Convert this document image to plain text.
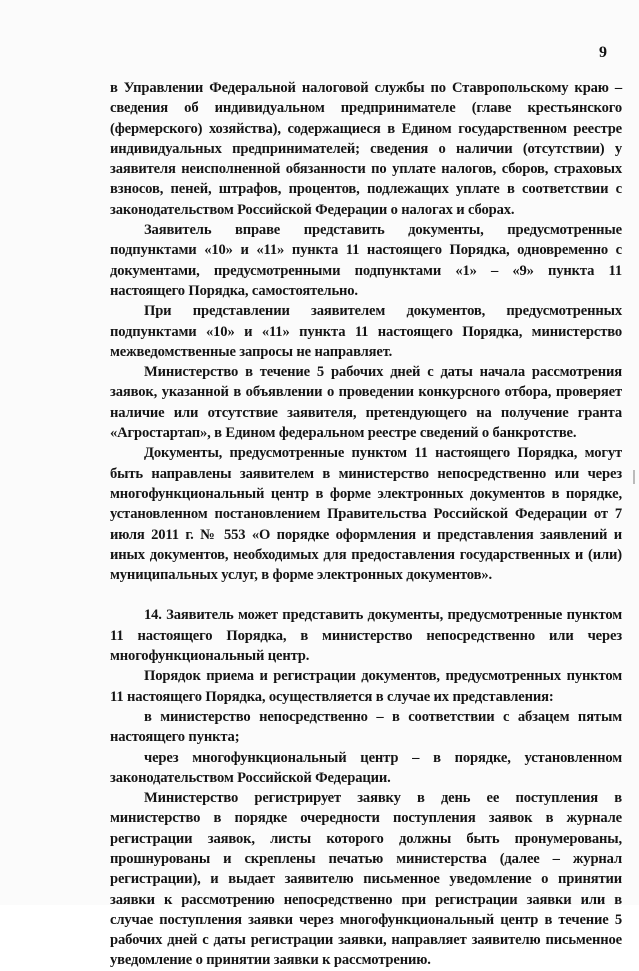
9

в Управлении Федеральной налоговой службы по Ставропольскому краю – сведения об индивидуальном предпринимателе (главе крестьянского (фермерского) хозяйства), содержащиеся в Едином государственном реестре индивидуальных предпринимателей; сведения о наличии (отсутствии) у заявителя неисполненной обязанности по уплате налогов, сборов, страховых взносов, пеней, штрафов, процентов, подлежащих уплате в соответствии с законодательством Российской Федерации о налогах и сборах.

Заявитель вправе представить документы, предусмотренные подпунктами «10» и «11» пункта 11 настоящего Порядка, одновременно с документами, предусмотренными подпунктами «1» – «9» пункта 11 настоящего Порядка, самостоятельно.

При представлении заявителем документов, предусмотренных подпунктами «10» и «11» пункта 11 настоящего Порядка, министерство межведомственные запросы не направляет.

Министерство в течение 5 рабочих дней с даты начала рассмотрения заявок, указанной в объявлении о проведении конкурсного отбора, проверяет наличие или отсутствие заявителя, претендующего на получение гранта «Агростартап», в Едином федеральном реестре сведений о банкротстве.

Документы, предусмотренные пунктом 11 настоящего Порядка, могут быть направлены заявителем в министерство непосредственно или через многофункциональный центр в форме электронных документов в порядке, установленном постановлением Правительства Российской Федерации от 7 июля 2011 г. № 553 «О порядке оформления и представления заявлений и иных документов, необходимых для предоставления государственных и (или) муниципальных услуг, в форме электронных документов».

14. Заявитель может представить документы, предусмотренные пунктом 11 настоящего Порядка, в министерство непосредственно или через многофункциональный центр.

Порядок приема и регистрации документов, предусмотренных пунктом 11 настоящего Порядка, осуществляется в случае их представления:

в министерство непосредственно – в соответствии с абзацем пятым настоящего пункта;

через многофункциональный центр – в порядке, установленном законодательством Российской Федерации.

Министерство регистрирует заявку в день ее поступления в министерство в порядке очередности поступления заявок в журнале регистрации заявок, листы которого должны быть пронумерованы, прошнурованы и скреплены печатью министерства (далее – журнал регистрации), и выдает заявителю письменное уведомление о принятии заявки к рассмотрению непосредственно при регистрации заявки или в случае поступления заявки через многофункциональный центр в течение 5 рабочих дней с даты регистрации заявки, направляет заявителю письменное уведомление о принятии заявки к рассмотрению.
